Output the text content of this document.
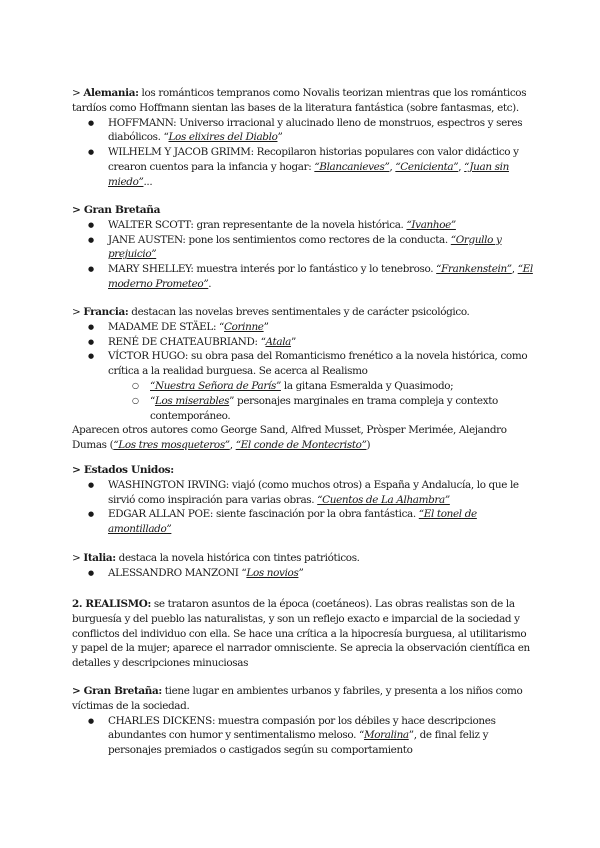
> Alemania: los románticos tempranos como Novalis teorizan mientras que los románticos tardíos como Hoffmann sientan las bases de la literatura fantástica (sobre fantasmas, etc).
● HOFFMANN: Universo irracional y alucinado lleno de monstruos, espectros y seres diabólicos. “Los elixires del Diablo”
● WILHELM Y JACOB GRIMM: Recopilaron historias populares con valor didáctico y crearon cuentos para la infancia y hogar: “Blancanieves”, “Cenicienta”, “Juan sin miedo”...
> Gran Bretaña
● WALTER SCOTT: gran representante de la novela histórica. “Ivanhoe”
● JANE AUSTEN: pone los sentimientos como rectores de la conducta. “Orgullo y prejuicio”
● MARY SHELLEY: muestra interés por lo fantástico y lo tenebroso. “Frankenstein”, “El moderno Prometeo”.
> Francia: destacan las novelas breves sentimentales y de carácter psicológico.
● MADAME DE STÄEL: “Corinne”
● RENÉ DE CHATEAUBRIAND: “Atala”
● VÍCTOR HUGO: su obra pasa del Romanticismo frenético a la novela histórica, como crítica a la realidad burguesa. Se acerca al Realismo
○ “Nuestra Señora de París” la gitana Esmeralda y Quasimodo;
○ “Los miserables” personajes marginales en trama compleja y contexto contemporáneo.
Aparecen otros autores como George Sand, Alfred Musset, Pròsper Merimée, Alejandro Dumas (“Los tres mosqueteros”, “El conde de Montecristo”)
> Estados Unidos:
● WASHINGTON IRVING: viajó (como muchos otros) a España y Andalucía, lo que le sirvió como inspiración para varias obras. “Cuentos de La Alhambra”
● EDGAR ALLAN POE: siente fascinación por la obra fantástica. “El tonel de amontillado”
> Italia: destaca la novela histórica con tintes patrióticos.
● ALESSANDRO MANZONI “Los novios”
2. REALISMO: se trataron asuntos de la época (coetáneos). Las obras realistas son de la burguesía y del pueblo las naturalistas, y son un reflejo exacto e imparcial de la sociedad y conflictos del individuo con ella. Se hace una crítica a la hipocresía burguesa, al utilitarismo y papel de la mujer; aparece el narrador omnisciente. Se aprecia la observación científica en detalles y descripciones minuciosas
> Gran Bretaña: tiene lugar en ambientes urbanos y fabriles, y presenta a los niños como víctimas de la sociedad.
● CHARLES DICKENS: muestra compasión por los débiles y hace descripciones abundantes con humor y sentimentalismo meloso. “Moralina”, de final feliz y personajes premiados o castigados según su comportamiento
